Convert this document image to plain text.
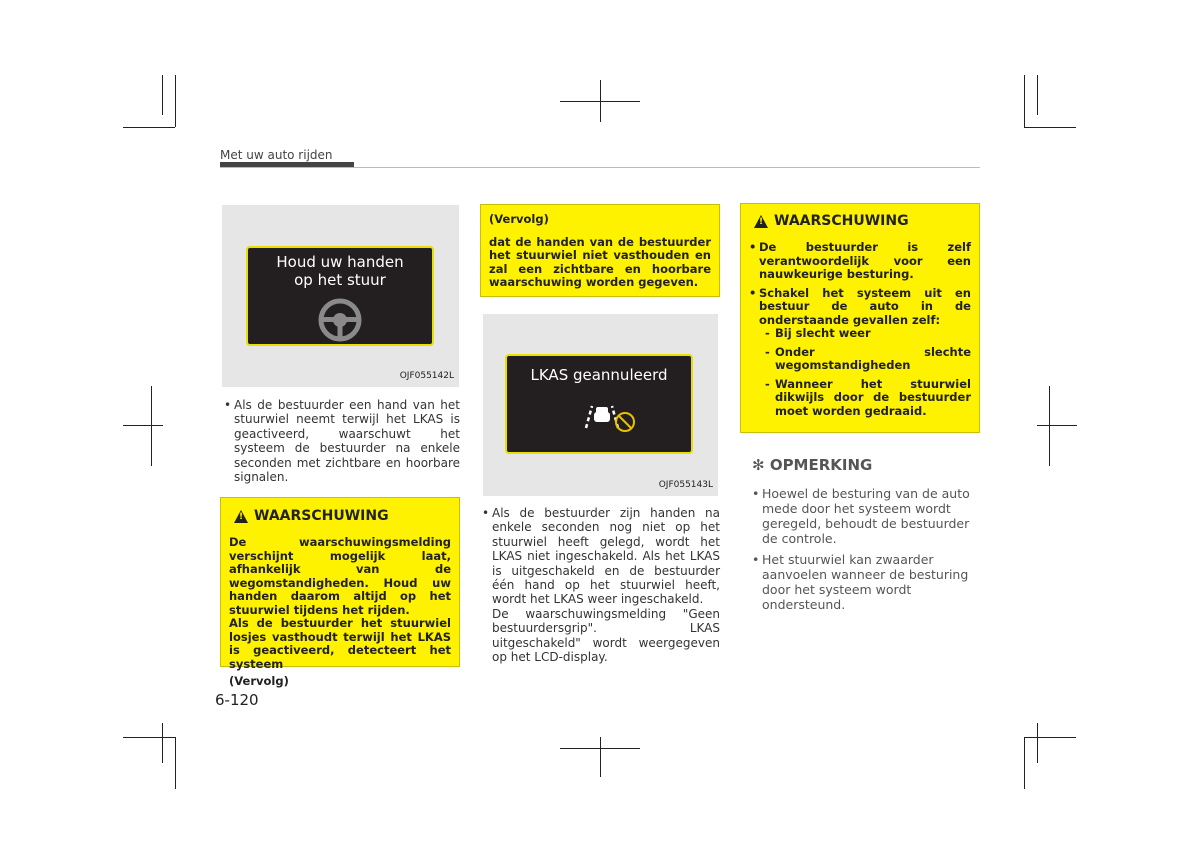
Met uw auto rijden
Houd uw handen
op het stuur
OJF055142L
• Als de bestuurder een hand van het stuurwiel neemt terwijl het LKAS is geactiveerd, waarschuwt het systeem de bestuurder na enkele seconden met zichtbare en hoorbare signalen.
! WAARSCHUWING
De waarschuwingsmelding verschijnt mogelijk laat, afhankelijk van de wegomstandigheden. Houd uw handen daarom altijd op het stuurwiel tijdens het rijden.
Als de bestuurder het stuurwiel losjes vasthoudt terwijl het LKAS is geactiveerd, detecteert het systeem
(Vervolg)
(Vervolg)
dat de handen van de bestuurder het stuurwiel niet vasthouden en zal een zichtbare en hoorbare waarschuwing worden gegeven.
LKAS geannuleerd
OJF055143L
• Als de bestuurder zijn handen na enkele seconden nog niet op het stuurwiel heeft gelegd, wordt het LKAS niet ingeschakeld. Als het LKAS is uitgeschakeld en de bestuurder één hand op het stuurwiel heeft, wordt het LKAS weer ingeschakeld.
De waarschuwingsmelding "Geen bestuurdersgrip". LKAS uitgeschakeld" wordt weergegeven op het LCD-display.
! WAARSCHUWING
• De bestuurder is zelf verantwoordelijk voor een nauwkeurige besturing.
• Schakel het systeem uit en bestuur de auto in de onderstaande gevallen zelf:
- Bij slecht weer
- Onder slechte wegomstandigheden
- Wanneer het stuurwiel dikwijls door de bestuurder moet worden gedraaid.
✻ OPMERKING
• Hoewel de besturing van de auto mede door het systeem wordt geregeld, behoudt de bestuurder de controle.
• Het stuurwiel kan zwaarder aanvoelen wanneer de besturing door het systeem wordt ondersteund.
6-120
